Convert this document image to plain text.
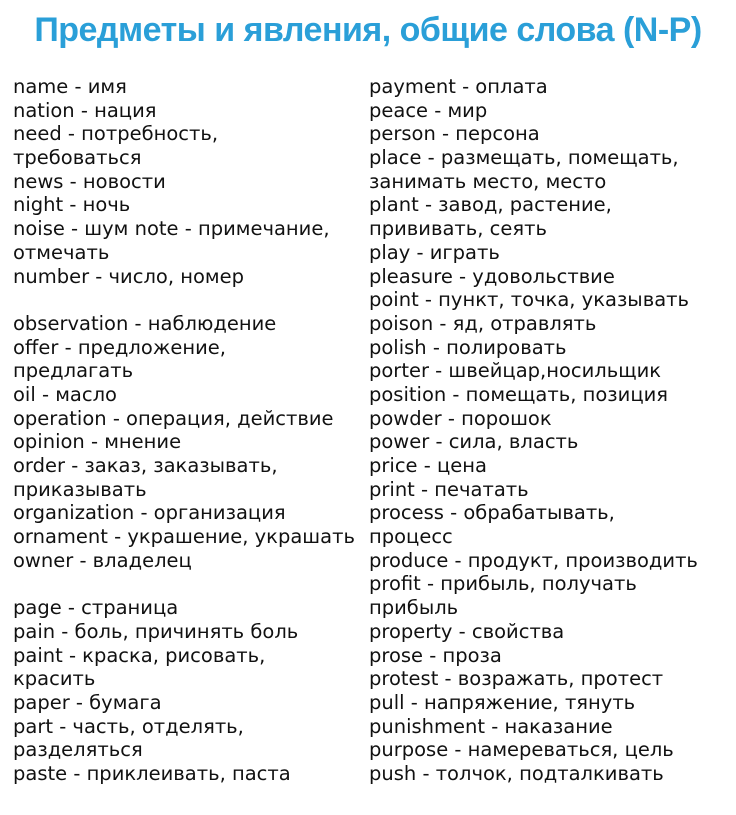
Предметы и явления, общие слова (N-P)
name - имя
nation - нация
need - потребность,
требоваться
news - новости
night - ночь
noise - шум note - примечание,
отмечать
number - число, номер
observation - наблюдение
offer - предложение,
предлагать
oil - масло
operation - операция, действие
opinion - мнение
order - заказ, заказывать,
приказывать
organization - организация
ornament - украшение, украшать
owner - владелец
page - страница
pain - боль, причинять боль
paint - краска, рисовать,
красить
paper - бумага
part - часть, отделять,
разделяться
paste - приклеивать, паста
payment - оплата
peace - мир
person - персона
place - размещать, помещать,
занимать место, место
plant - завод, растение,
прививать, сеять
play - играть
pleasure - удовольствие
point - пункт, точка, указывать
poison - яд, отравлять
polish - полировать
porter - швейцар,носильщик
position - помещать, позиция
powder - порошок
power - сила, власть
price - цена
print - печатать
process - обрабатывать,
процесс
produce - продукт, производить
profit - прибыль, получать
прибыль
property - свойства
prose - проза
protest - возражать, протест
pull - напряжение, тянуть
punishment - наказание
purpose - намереваться, цель
push - толчок, подталкивать
